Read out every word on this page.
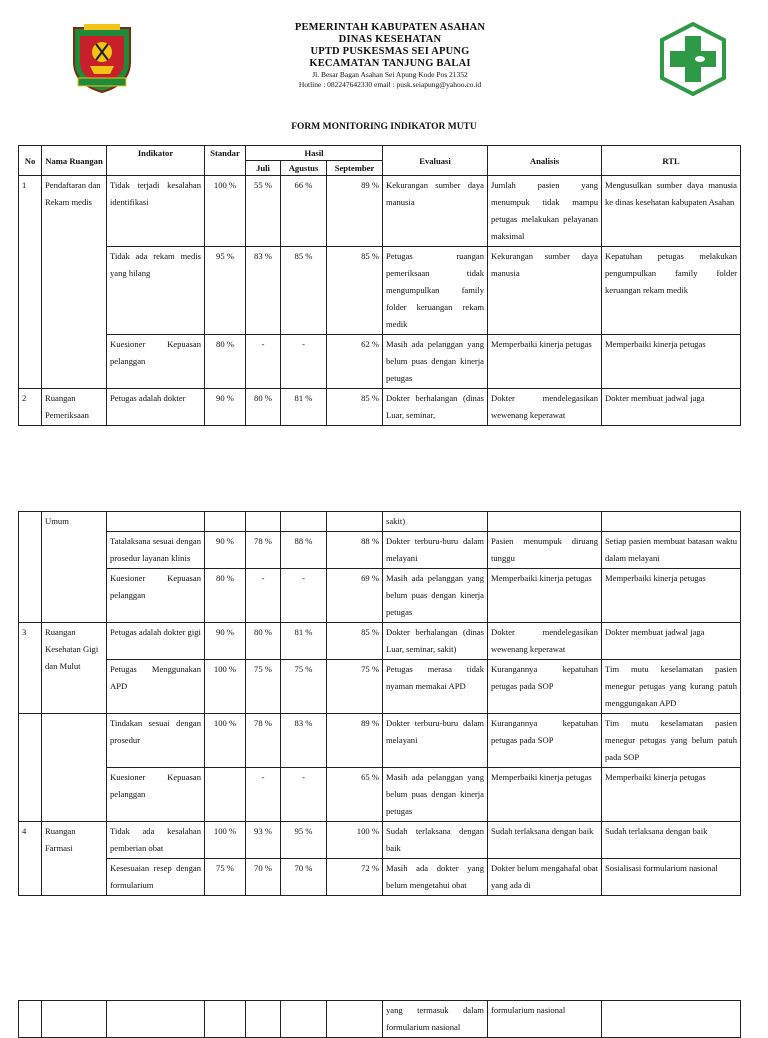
PEMERINTAH KABUPATEN ASAHAN
DINAS KESEHATAN
UPTD PUSKESMAS SEI APUNG
KECAMATAN TANJUNG BALAI
Jl. Besar Bagan Asahan Sei Apung Kode Pos 21352
Hotline : 082247642330 email : pusk.seiapung@yahoo.co.id
FORM MONITORING INDIKATOR MUTU
No	Nama Ruangan	Indikator	Standar	Hasil			Evaluasi	Analisis	RTL
				Juli	Agustus	September			
1	Pendaftaran dan Rekam medis	Tidak terjadi kesalahan identifikasi	100 %	55 %	66 %	89 %	Kekurangan sumber daya manusia	Jumlah pasien yang menumpuk tidak mampu petugas melakukan pelayanan maksimal	Mengusulkan sumber daya manusia ke dinas kesehatan kabupaten Asahan
		Tidak ada rekam medis yang hilang	95 %	83 %	85 %	85 %	Petugas ruangan pemeriksaan tidak mengumpulkan family folder keruangan rekam medik	Kekurangan sumber daya manusia	Kepatuhan petugas melakukan pengumpulkan family folder keruangan rekam medik
		Kuesioner Kepuasan pelanggan	80 %	-	-	62 %	Masih ada pelanggan yang belum puas dengan kinerja petugas	Memperbaiki kinerja petugas	Memperbaiki kinerja petugas
2	Ruangan Pemeriksaan	Petugas adalah dokter	90 %	80 %	81 %	85 %	Dokter berhalangan (dinas Luar, seminar,	Dokter mendelegasikan wewenang keperawat	Dokter membuat jadwal jaga
	Umum						sakit)		
		Tatalaksana sesuai dengan prosedur layanan klinis	90 %	78 %	88 %	88 %	Dokter terburu-buru dalam melayani	Pasien menumpuk diruang tunggu	Setiap pasien membuat batasan waktu dalam melayani
		Kuesioner Kepuasan pelanggan	80 %	-	-	69 %	Masih ada pelanggan yang belum puas dengan kinerja petugas	Memperbaiki kinerja petugas	Memperbaiki kinerja petugas
3	Ruangan Kesehatan Gigi dan Mulut	Petugas adalah dokter gigi	90 %	80 %	81 %	85 %	Dokter berhalangan (dinas Luar, seminar, sakit)	Dokter mendelegasikan wewenang keperawat	Dokter membuat jadwal jaga
		Petugas Menggunakan APD	100 %	75 %	75 %	75 %	Petugas merasa tidak nyaman memakai APD	Kurangannya kepatuhan petugas pada SOP	Tim mutu keselamatan pasien menegur petugas yang kurang patuh menggungakan APD
		Tindakan sesuai dengan prosedur	100 %	78 %	83 %	89 %	Dokter terburu-buru dalam melayani	Kurangannya kepatuhan petugas pada SOP	Tim mutu keselamatan pasien menegur petugas yang belum patuh pada SOP
		Kuesioner Kepuasan pelanggan		-	-	65 %	Masih ada pelanggan yang belum puas dengan kinerja petugas	Memperbaiki kinerja petugas	Memperbaiki kinerja petugas
4	Ruangan Farmasi	Tidak ada kesalahan pemberian obat	100 %	93 %	95 %	100 %	Sudah terlaksana dengan baik	Sudah terlaksana dengan baik	Sudah terlaksana dengan baik
		Kesesuaian resep dengan formularium	75 %	70 %	70 %	72 %	Masih ada dokter yang belum mengetahui obat	Dokter belum mengahafal obat yang ada di	Sosialisasi formularium nasional
							yang termasuk dalam formularium nasional	formularium nasional	
